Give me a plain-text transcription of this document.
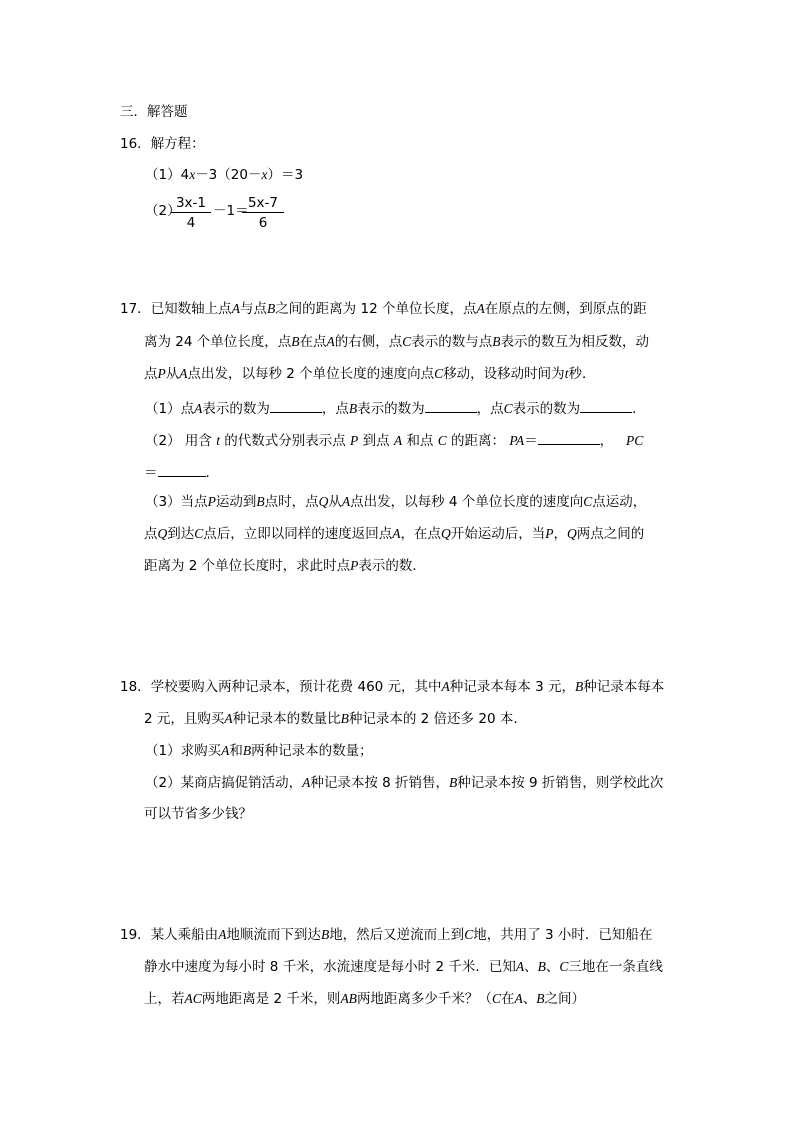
三．解答题
16．解方程：
（1）4x－3（20－x）＝3
（2）
$\frac{3x-1}{4} -1=$
$\frac{5x-7}{6}$
17．已知数轴上点A与点B之间的距离为 12 个单位长度，点A在原点的左侧，到原点的距
离为 24 个单位长度，点B在点A的右侧，点C表示的数与点B表示的数互为相反数，动
点P从A点出发，以每秒 2 个单位长度的速度向点C移动，设移动时间为t秒．
（1）点A表示的数为	，点B表示的数为	，点C表示的数为	．
（2） 用含 t 的代数式分别表示点 P 到点 A 和点 C 的距离： PA＝	， PC
＝	．
（3）当点P运动到B点时，点Q从A点出发，以每秒 4 个单位长度的速度向C点运动，
点Q到达C点后，立即以同样的速度返回点A，在点Q开始运动后，当P，Q两点之间的
距离为 2 个单位长度时，求此时点P表示的数．
18．学校要购入两种记录本，预计花费 460 元，其中A种记录本每本 3 元，B种记录本每本
2 元，且购买A种记录本的数量比B种记录本的 2 倍还多 20 本．
（1）求购买A和B两种记录本的数量；
（2）某商店搞促销活动，A种记录本按 8 折销售，B种记录本按 9 折销售，则学校此次
可以节省多少钱？
19．某人乘船由A地顺流而下到达B地，然后又逆流而上到C地，共用了 3 小时．已知船在
静水中速度为每小时 8 千米，水流速度是每小时 2 千米．已知A、B、C三地在一条直线
上，若AC两地距离是 2 千米，则AB两地距离多少千米？（C在A、B之间）
